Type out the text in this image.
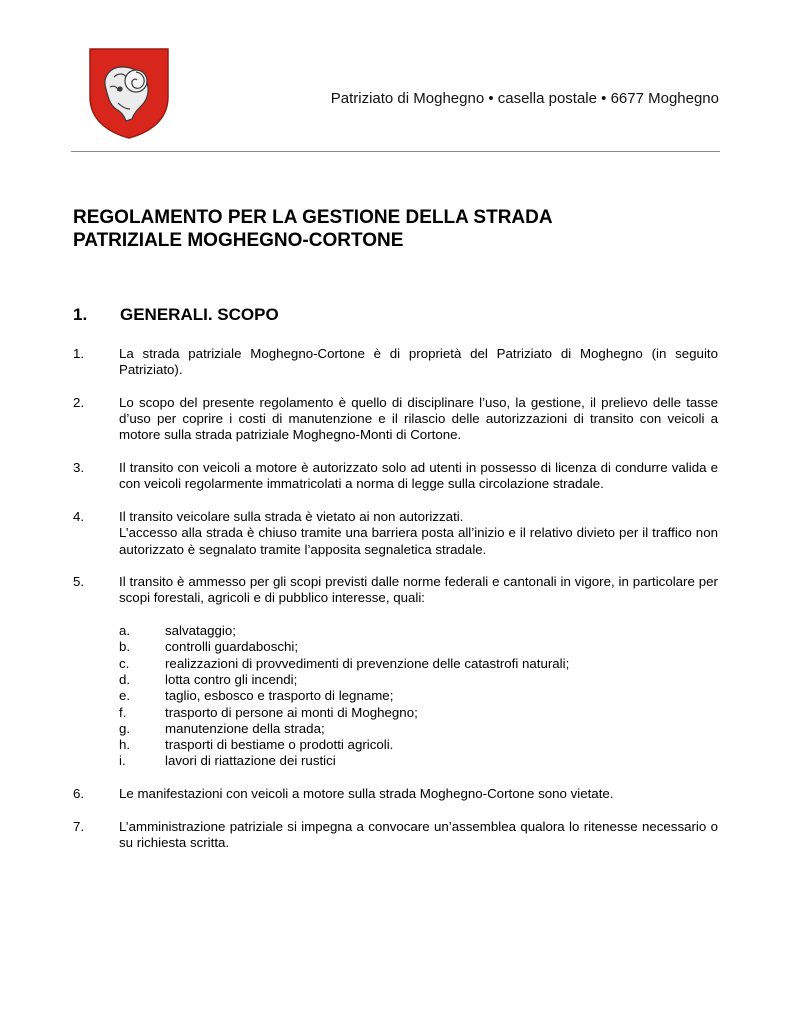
Patriziato di Moghegno • casella postale • 6677 Moghegno
REGOLAMENTO PER LA GESTIONE DELLA STRADA
PATRIZIALE MOGHEGNO-CORTONE
1. GENERALI. SCOPO
1.	La strada patriziale Moghegno-Cortone è di proprietà del Patriziato di Moghegno (in seguito Patriziato).

2.	Lo scopo del presente regolamento è quello di disciplinare l’uso, la gestione, il prelievo delle tasse d’uso per coprire i costi di manutenzione e il rilascio delle autorizzazioni di transito con veicoli a motore sulla strada patriziale Moghegno-Monti di Cortone.

3.	Il transito con veicoli a motore è autorizzato solo ad utenti in possesso di licenza di condurre valida e con veicoli regolarmente immatricolati a norma di legge sulla circolazione stradale.

4.	Il transito veicolare sulla strada è vietato ai non autorizzati.

L’accesso alla strada è chiuso tramite una barriera posta all’inizio e il relativo divieto per il traffico non autorizzato è segnalato tramite l’apposita segnaletica stradale.

5.	Il transito è ammesso per gli scopi previsti dalle norme federali e cantonali in vigore, in particolare per scopi forestali, agricoli e di pubblico interesse, quali:

a.	salvataggio;
b.	controlli guardaboschi;
c.	realizzazioni di provvedimenti di prevenzione delle catastrofi naturali;
d.	lotta contro gli incendi;
e.	taglio, esbosco e trasporto di legname;
f.	trasporto di persone ai monti di Moghegno;
g.	manutenzione della strada;
h.	trasporti di bestiame o prodotti agricoli.
i.	lavori di riattazione dei rustici
6.	Le manifestazioni con veicoli a motore sulla strada Moghegno-Cortone sono vietate.

7.	L’amministrazione patriziale si impegna a convocare un’assemblea qualora lo ritenesse necessario o su richiesta scritta.
